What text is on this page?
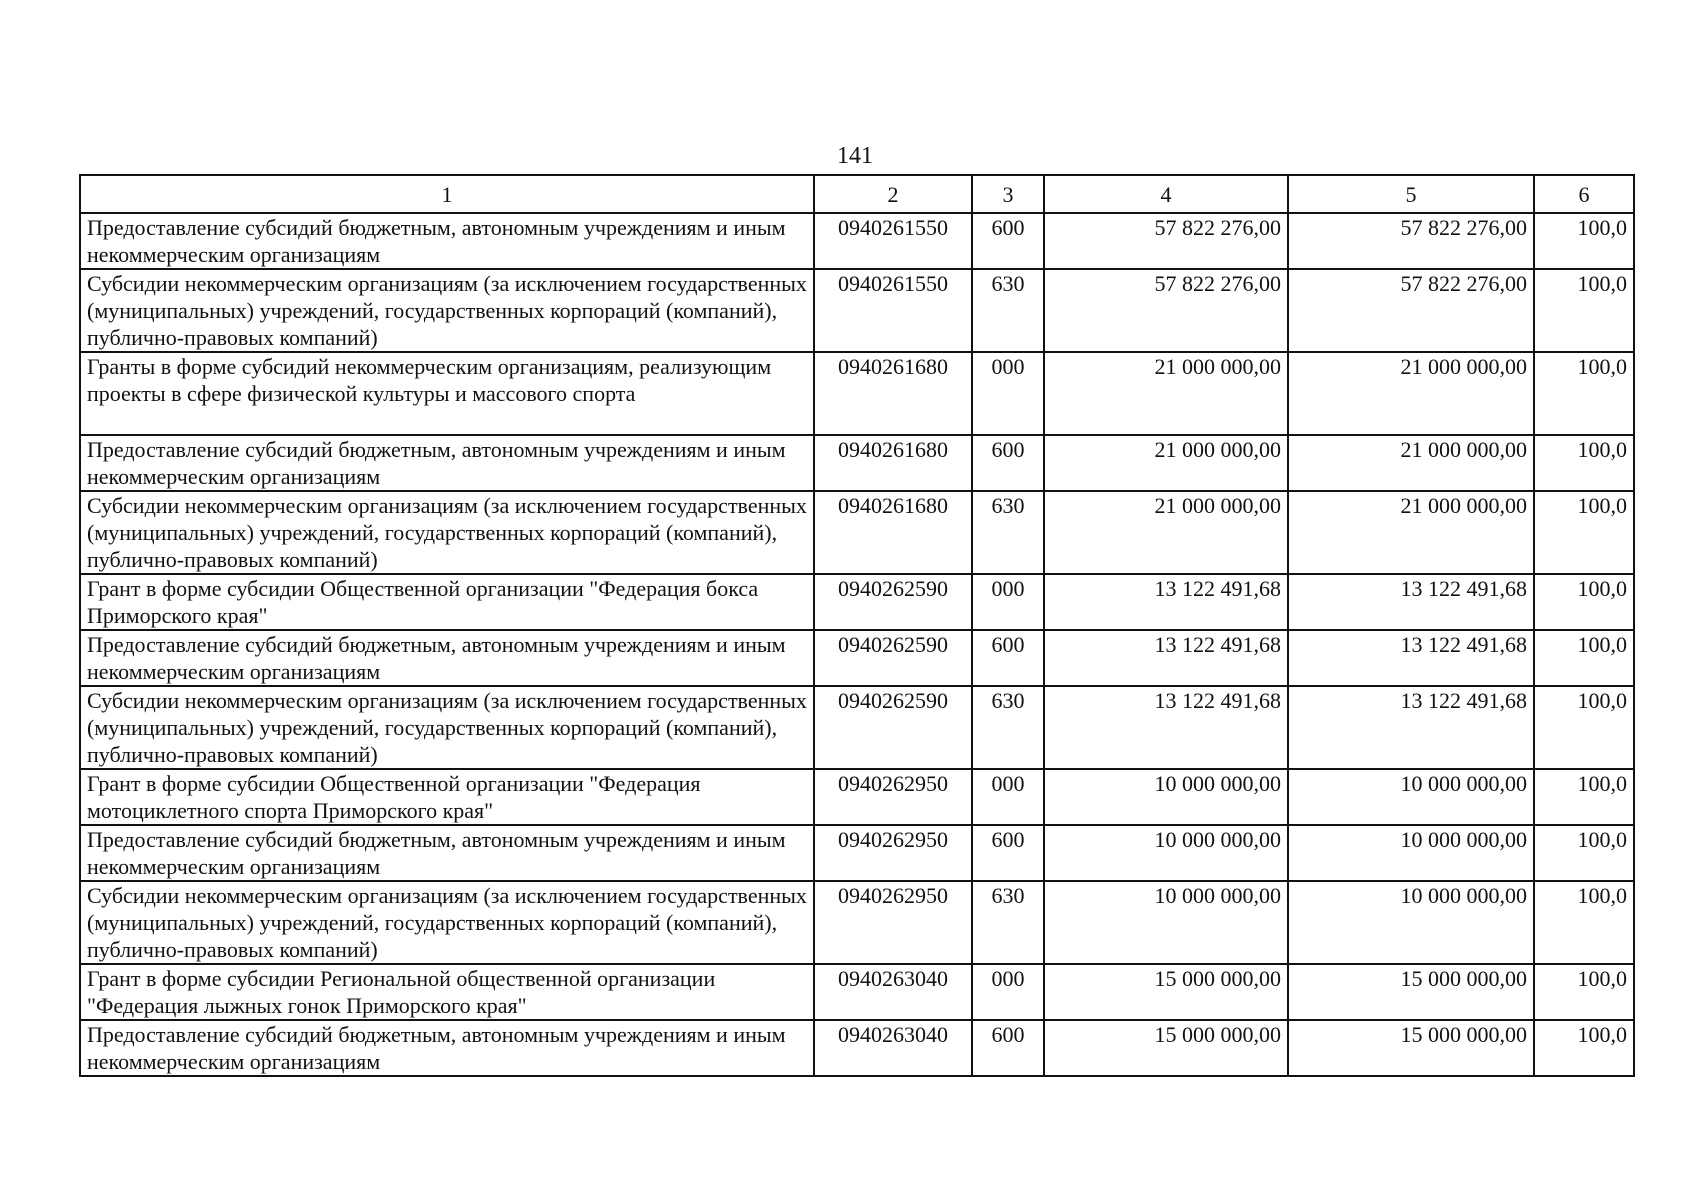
141
1	2	3	4	5	6
Предоставление субсидий бюджетным, автономным учреждениям и иным некоммерческим организациям	0940261550	600	57 822 276,00	57 822 276,00	100,0
Субсидии некоммерческим организациям (за исключением государственных (муниципальных) учреждений, государственных корпораций (компаний), публично-правовых компаний)	0940261550	630	57 822 276,00	57 822 276,00	100,0
Гранты в форме субсидий некоммерческим организациям, реализующим проекты в сфере физической культуры и массового спорта	0940261680	000	21 000 000,00	21 000 000,00	100,0
Предоставление субсидий бюджетным, автономным учреждениям и иным некоммерческим организациям	0940261680	600	21 000 000,00	21 000 000,00	100,0
Субсидии некоммерческим организациям (за исключением государственных (муниципальных) учреждений, государственных корпораций (компаний), публично-правовых компаний)	0940261680	630	21 000 000,00	21 000 000,00	100,0
Грант в форме субсидии Общественной организации "Федерация бокса Приморского края"	0940262590	000	13 122 491,68	13 122 491,68	100,0
Предоставление субсидий бюджетным, автономным учреждениям и иным некоммерческим организациям	0940262590	600	13 122 491,68	13 122 491,68	100,0
Субсидии некоммерческим организациям (за исключением государственных (муниципальных) учреждений, государственных корпораций (компаний), публично-правовых компаний)	0940262590	630	13 122 491,68	13 122 491,68	100,0
Грант в форме субсидии Общественной организации "Федерация мотоциклетного спорта Приморского края"	0940262950	000	10 000 000,00	10 000 000,00	100,0
Предоставление субсидий бюджетным, автономным учреждениям и иным некоммерческим организациям	0940262950	600	10 000 000,00	10 000 000,00	100,0
Субсидии некоммерческим организациям (за исключением государственных (муниципальных) учреждений, государственных корпораций (компаний), публично-правовых компаний)	0940262950	630	10 000 000,00	10 000 000,00	100,0
Грант в форме субсидии Региональной общественной организации "Федерация лыжных гонок Приморского края"	0940263040	000	15 000 000,00	15 000 000,00	100,0
Предоставление субсидий бюджетным, автономным учреждениям и иным некоммерческим организациям	0940263040	600	15 000 000,00	15 000 000,00	100,0
